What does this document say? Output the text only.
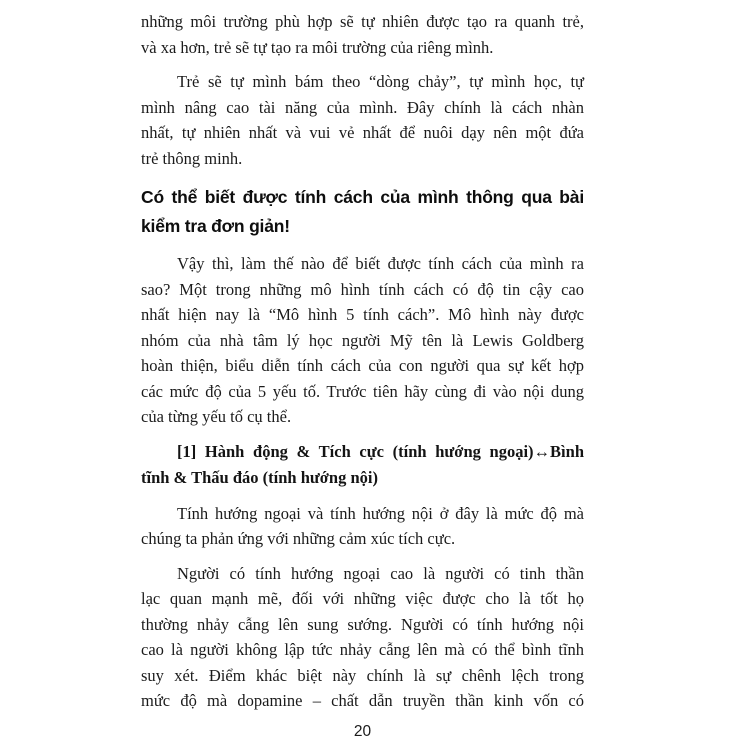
những môi trường phù hợp sẽ tự nhiên được tạo ra quanh trẻ,
và xa hơn, trẻ sẽ tự tạo ra môi trường của riêng mình.

Trẻ sẽ tự mình bám theo “dòng chảy”, tự mình học, tự
mình nâng cao tài năng của mình. Đây chính là cách nhàn
nhất, tự nhiên nhất và vui vẻ nhất để nuôi dạy nên một đứa
trẻ thông minh.

Có thể biết được tính cách của mình thông qua bài kiểm tra đơn giản!

Vậy thì, làm thế nào để biết được tính cách của mình ra
sao? Một trong những mô hình tính cách có độ tin cậy cao
nhất hiện nay là “Mô hình 5 tính cách”. Mô hình này được
nhóm của nhà tâm lý học người Mỹ tên là Lewis Goldberg
hoàn thiện, biểu diễn tính cách của con người qua sự kết hợp
các mức độ của 5 yếu tố. Trước tiên hãy cùng đi vào nội dung
của từng yếu tố cụ thể.

[1] Hành động & Tích cực (tính hướng ngoại)↔Bình
tĩnh & Thấu đáo (tính hướng nội)

Tính hướng ngoại và tính hướng nội ở đây là mức độ mà
chúng ta phản ứng với những cảm xúc tích cực.

Người có tính hướng ngoại cao là người có tinh thần
lạc quan mạnh mẽ, đối với những việc được cho là tốt họ
thường nhảy cẫng lên sung sướng. Người có tính hướng nội
cao là người không lập tức nhảy cẫng lên mà có thể bình tĩnh
suy xét. Điểm khác biệt này chính là sự chênh lệch trong
mức độ mà dopamine – chất dẫn truyền thần kinh vốn có

20
